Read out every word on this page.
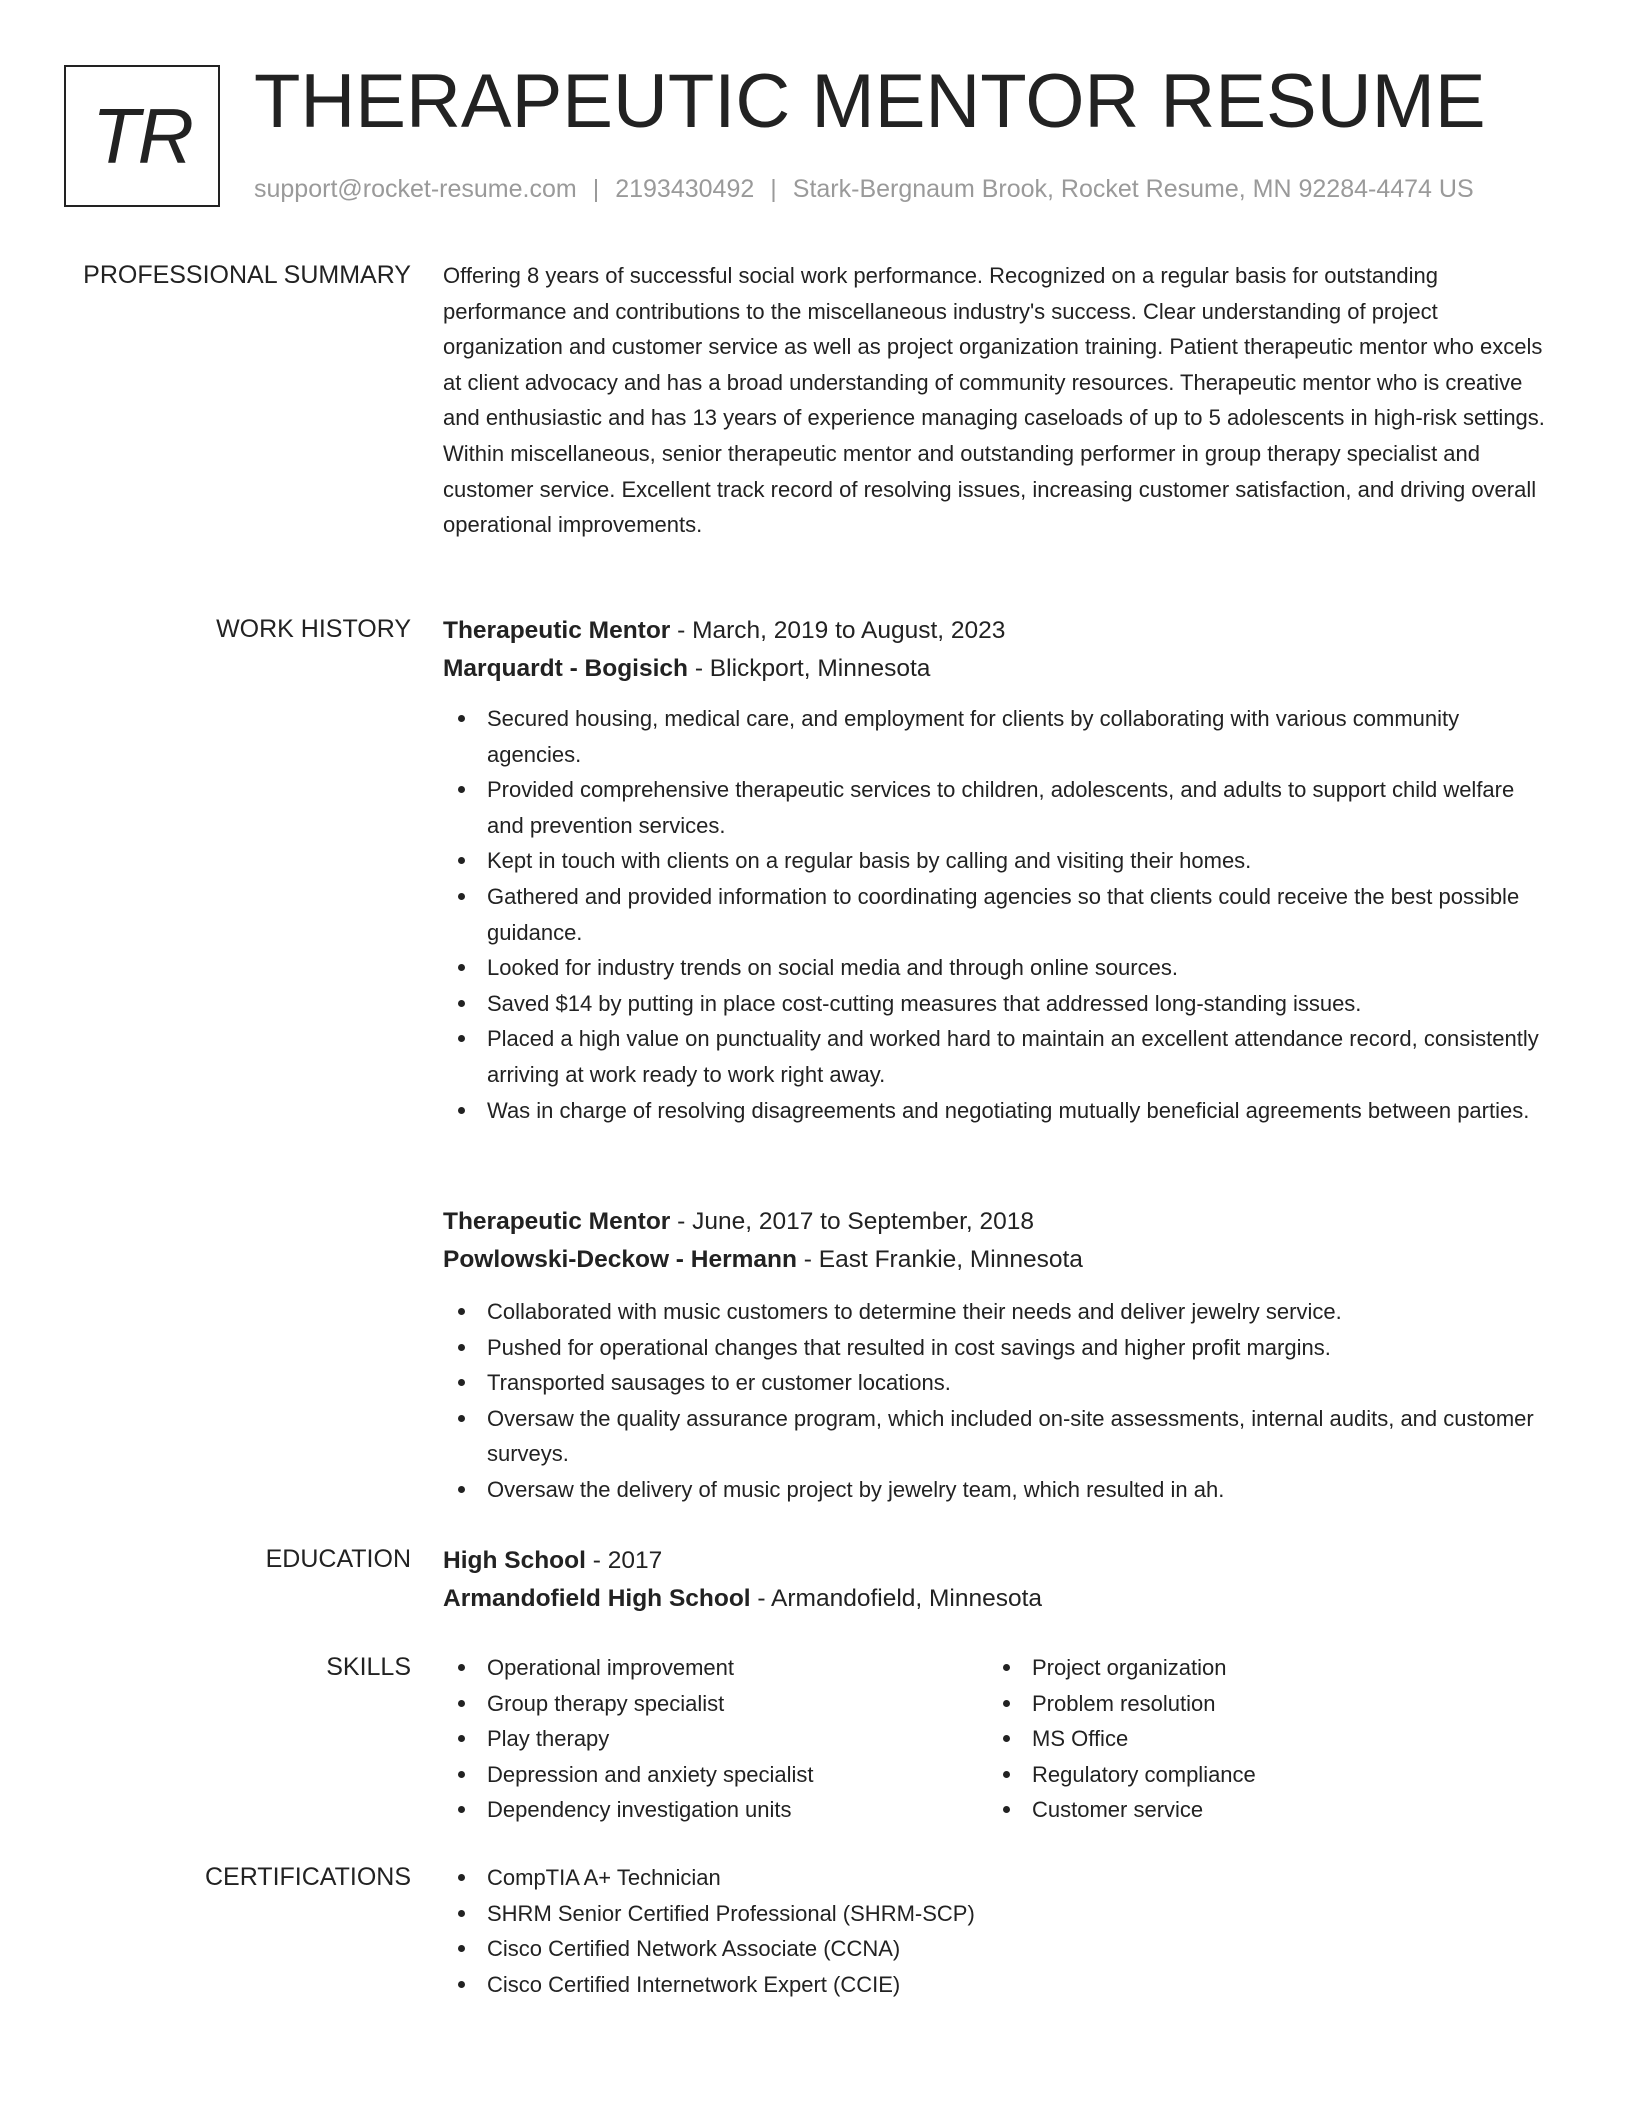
TR THERAPEUTIC MENTOR RESUME
support@rocket-resume.com | 2193430492 | Stark-Bergnaum Brook, Rocket Resume, MN 92284-4474 US
PROFESSIONAL SUMMARY Offering 8 years of successful social work performance. Recognized on a regular basis for outstanding performance and contributions to the miscellaneous industry's success. Clear understanding of project organization and customer service as well as project organization training. Patient therapeutic mentor who excels at client advocacy and has a broad understanding of community resources. Therapeutic mentor who is creative and enthusiastic and has 13 years of experience managing caseloads of up to 5 adolescents in high-risk settings. Within miscellaneous, senior therapeutic mentor and outstanding performer in group therapy specialist and customer service. Excellent track record of resolving issues, increasing customer satisfaction, and driving overall operational improvements.

WORK HISTORY Therapeutic Mentor - March, 2019 to August, 2023
Marquardt - Bogisich - Blickport, Minnesota
Secured housing, medical care, and employment for clients by collaborating with various community agencies.
Provided comprehensive therapeutic services to children, adolescents, and adults to support child welfare and prevention services.
Kept in touch with clients on a regular basis by calling and visiting their homes.
Gathered and provided information to coordinating agencies so that clients could receive the best possible guidance.
Looked for industry trends on social media and through online sources.
Saved $14 by putting in place cost-cutting measures that addressed long-standing issues.
Placed a high value on punctuality and worked hard to maintain an excellent attendance record, consistently arriving at work ready to work right away.
Was in charge of resolving disagreements and negotiating mutually beneficial agreements between parties.
Therapeutic Mentor - June, 2017 to September, 2018
Powlowski-Deckow - Hermann - East Frankie, Minnesota
Collaborated with music customers to determine their needs and deliver jewelry service.
Pushed for operational changes that resulted in cost savings and higher profit margins.
Transported sausages to er customer locations.
Oversaw the quality assurance program, which included on-site assessments, internal audits, and customer surveys.
Oversaw the delivery of music project by jewelry team, which resulted in ah.
EDUCATION High School - 2017
Armandofield High School - Armandofield, Minnesota
SKILLS	Operational improvement
Group therapy specialist
Play therapy
Depression and anxiety specialist
Dependency investigation units
Project organization
Problem resolution
MS Office
Regulatory compliance
Customer service
CERTIFICATIONS	CompTIA A+ Technician
SHRM Senior Certified Professional (SHRM-SCP)
Cisco Certified Network Associate (CCNA)
Cisco Certified Internetwork Expert (CCIE)
